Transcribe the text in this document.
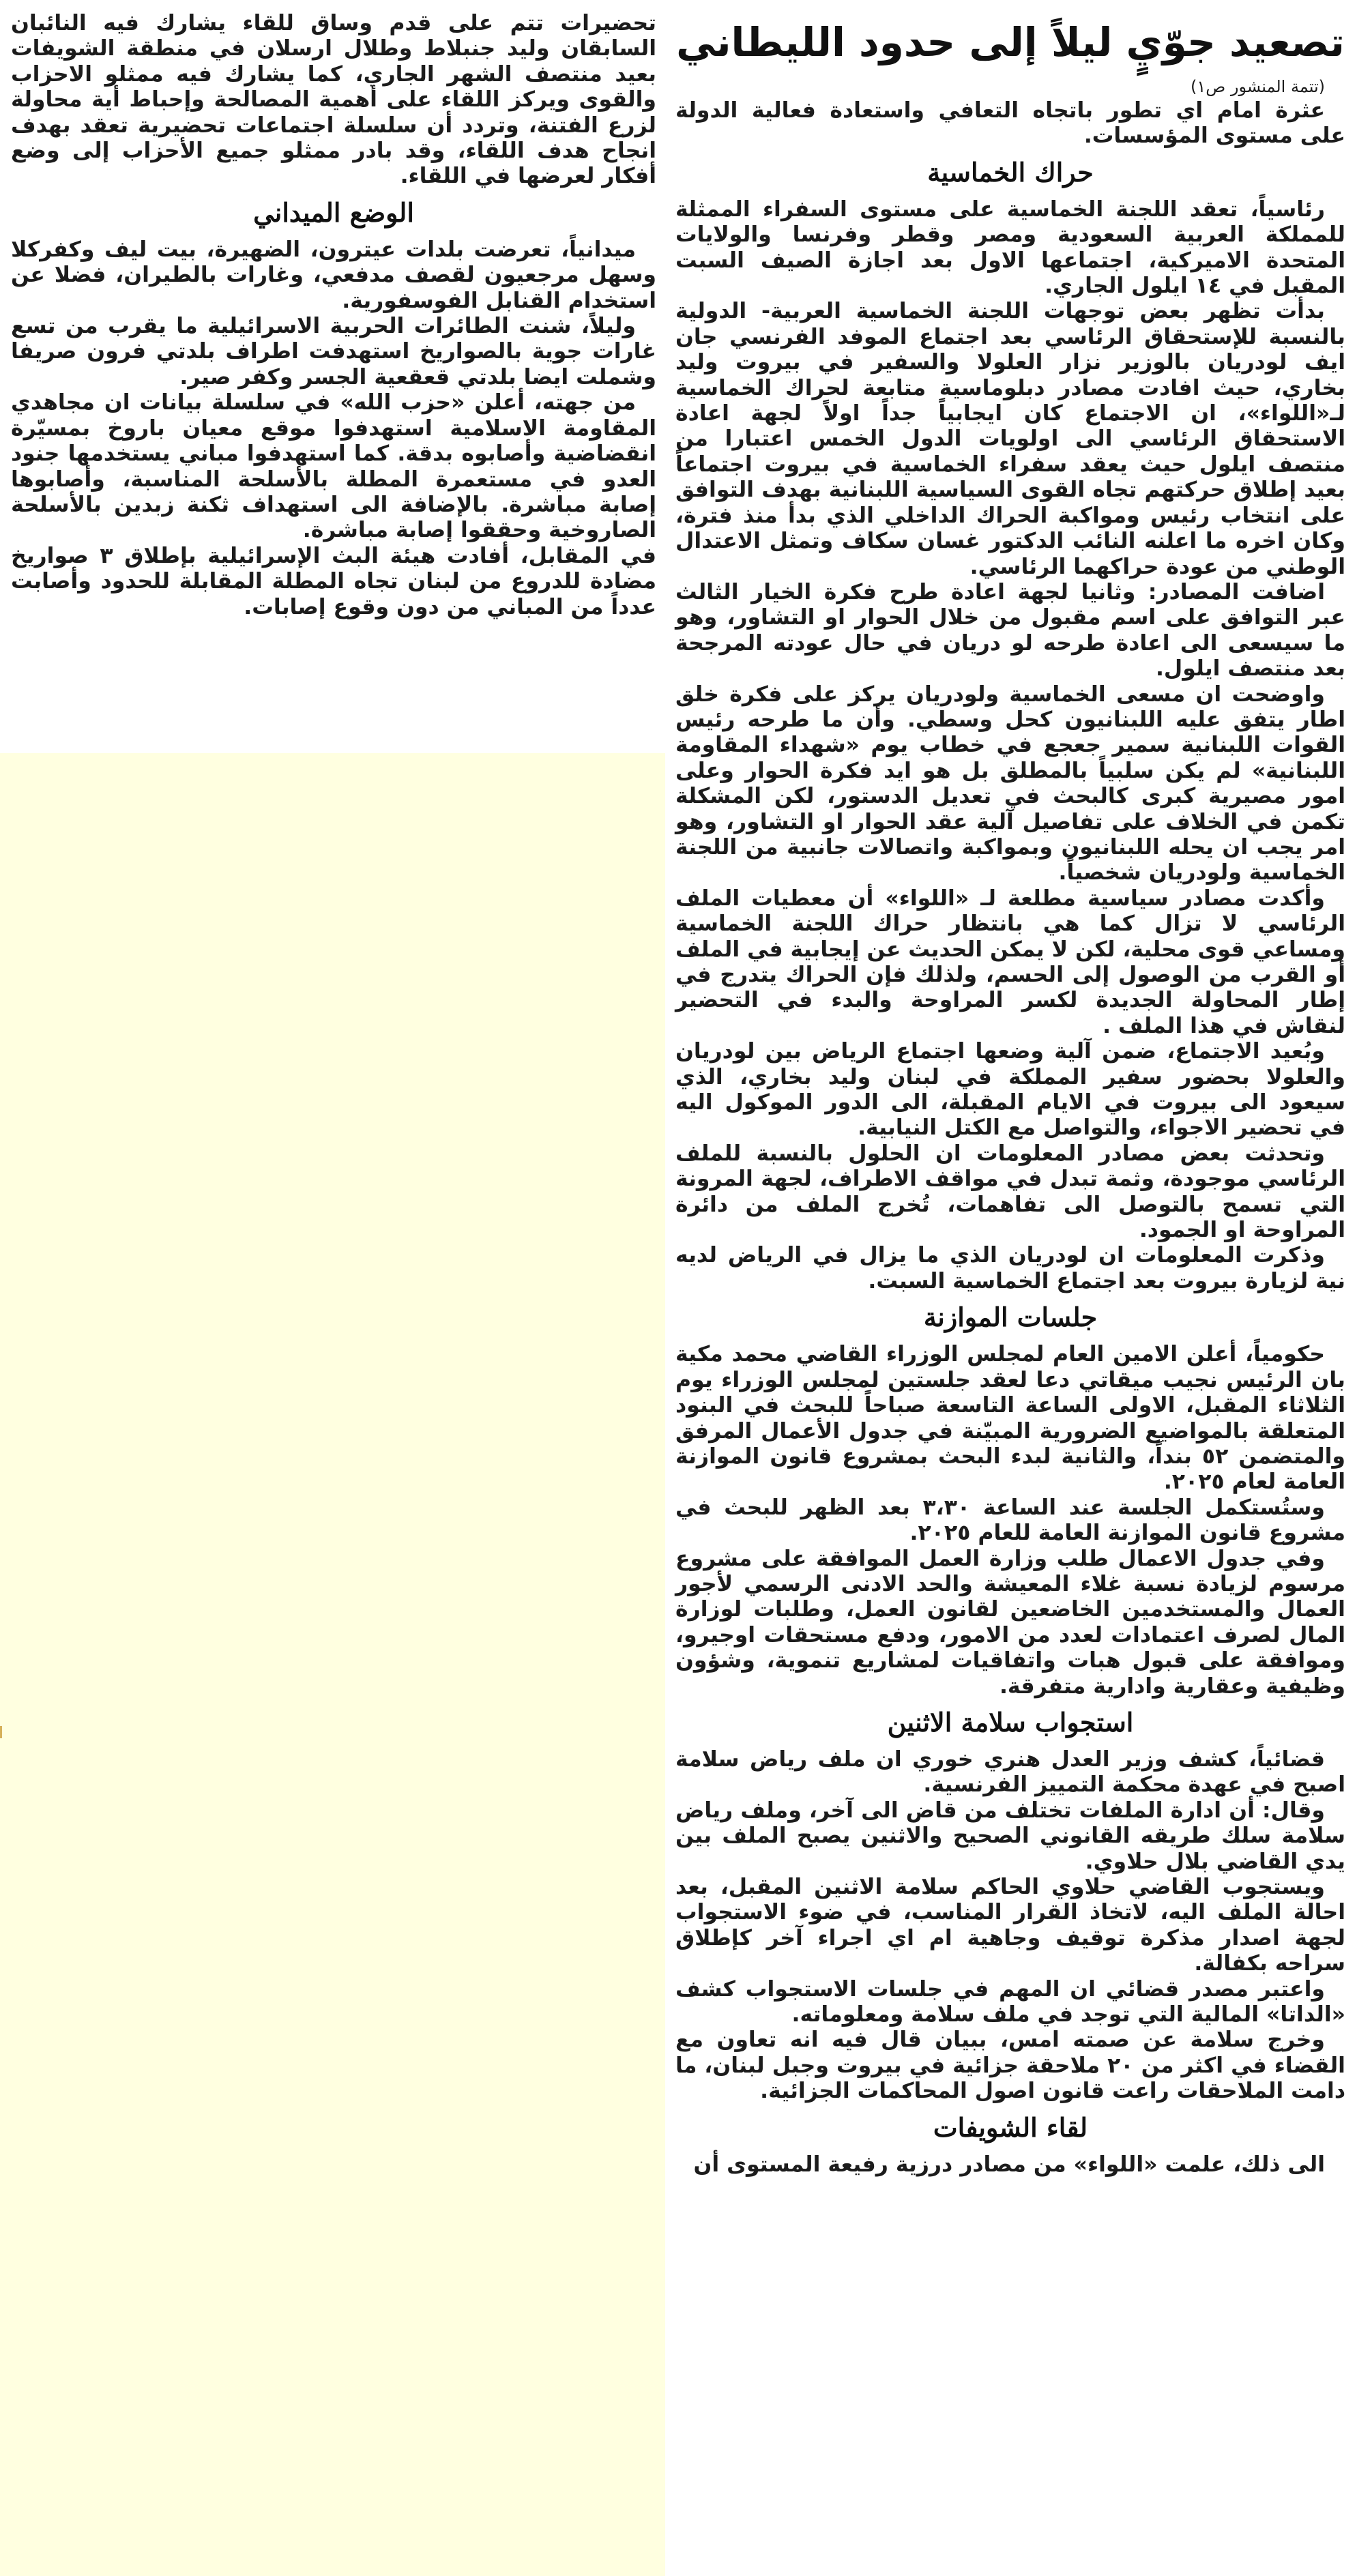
تصعيد جوّيٍ ليلاً إلى حدود الليطاني

(تتمة المنشور ص١)

عثرة امام اي تطور باتجاه التعافي واستعادة فعالية الدولة على مستوى المؤسسات.

حراك الخماسية

رئاسياً، تعقد اللجنة الخماسية على مستوى السفراء الممثلة للمملكة العربية السعودية ومصر وقطر وفرنسا والولايات المتحدة الاميركية، اجتماعها الاول بعد اجازة الصيف السبت المقبل في ١٤ ايلول الجاري.

بدأت تظهر بعض توجهات اللجنة الخماسية العربية- الدولية بالنسبة للإستحقاق الرئاسي بعد اجتماع الموفد الفرنسي جان ايف لودريان بالوزير نزار العلولا والسفير في بيروت وليد بخاري، حيث افادت مصادر دبلوماسية متابعة لحراك الخماسية لـ«اللواء»، ان الاجتماع كان ايجابياً جداً اولاً لجهة اعادة الاستحقاق الرئاسي الى اولويات الدول الخمس اعتبارا من منتصف ايلول حيث يعقد سفراء الخماسية في بيروت اجتماعاً بعيد إطلاق حركتهم تجاه القوى السياسية اللبنانية بهدف التوافق على انتخاب رئيس ومواكبة الحراك الداخلي الذي بدأ منذ فترة، وكان اخره ما اعلنه النائب الدكتور غسان سكاف وتمثل الاعتدال الوطني من عودة حراكهما الرئاسي.

اضافت المصادر: وثانيا لجهة اعادة طرح فكرة الخيار الثالث عبر التوافق على اسم مقبول من خلال الحوار او التشاور، وهو ما سيسعى الى اعادة طرحه لو دريان في حال عودته المرجحة بعد منتصف ايلول.

واوضحت ان مسعى الخماسية ولودريان يركز على فكرة خلق اطار يتفق عليه اللبنانيون كحل وسطي. وأن ما طرحه رئيس القوات اللبنانية سمير جعجع في خطاب يوم «شهداء المقاومة اللبنانية» لم يكن سلبياً بالمطلق بل هو ايد فكرة الحوار وعلى امور مصيرية كبرى كالبحث في تعديل الدستور، لكن المشكلة تكمن في الخلاف على تفاصيل آلية عقد الحوار او التشاور، وهو امر يجب ان يحله اللبنانيون وبمواكبة واتصالات جانبية من اللجنة الخماسية ولودريان شخصياً.

وأكدت مصادر سياسية مطلعة لـ «اللواء» أن معطيات الملف الرئاسي لا تزال كما هي بانتظار حراك اللجنة الخماسية ومساعي قوى محلية، لكن لا يمكن الحديث عن إيجابية في الملف أو القرب من الوصول إلى الحسم، ولذلك فإن الحراك يتدرج في إطار المحاولة الجديدة لكسر المراوحة والبدء في التحضير لنقاش في هذا الملف .

وبُعيد الاجتماع، ضمن آلية وضعها اجتماع الرياض بين لودريان والعلولا بحضور سفير المملكة في لبنان وليد بخاري، الذي سيعود الى بيروت في الايام المقبلة، الى الدور الموكول اليه في تحضير الاجواء، والتواصل مع الكتل النيابية.

وتحدثت بعض مصادر المعلومات ان الحلول بالنسبة للملف الرئاسي موجودة، وثمة تبدل في مواقف الاطراف، لجهة المرونة التي تسمح بالتوصل الى تفاهمات، تُخرج الملف من دائرة المراوحة او الجمود.

وذكرت المعلومات ان لودريان الذي ما يزال في الرياض لديه نية لزيارة بيروت بعد اجتماع الخماسية السبت.

جلسات الموازنة

حكومياً، أعلن الامين العام لمجلس الوزراء القاضي محمد مكية بان الرئيس نجيب ميقاتي دعا لعقد جلستين لمجلس الوزراء يوم الثلاثاء المقبل، الاولى الساعة التاسعة صباحاً للبحث في البنود المتعلقة بالمواضيع الضرورية المبيّنة في جدول الأعمال المرفق والمتضمن ٥٢ بنداً، والثانية لبدء البحث بمشروع قانون الموازنة العامة لعام ٢٠٢٥.

وستُستكمل الجلسة عند الساعة ٣،٣٠ بعد الظهر للبحث في مشروع قانون الموازنة العامة للعام ٢٠٢٥.

وفي جدول الاعمال طلب وزارة العمل الموافقة على مشروع مرسوم لزيادة نسبة غلاء المعيشة والحد الادنى الرسمي لأجور العمال والمستخدمين الخاضعين لقانون العمل، وطلبات لوزارة المال لصرف اعتمادات لعدد من الامور، ودفع مستحقات اوجيرو، وموافقة على قبول هبات واتفاقيات لمشاريع تنموية، وشؤون وظيفية وعقارية وادارية متفرقة.

استجواب سلامة الاثنين

قضائياً، كشف وزير العدل هنري خوري ان ملف رياض سلامة اصبح في عهدة محكمة التمييز الفرنسية.

وقال: أن ادارة الملفات تختلف من قاض الى آخر، وملف رياض سلامة سلك طريقه القانوني الصحيح والاثنين يصبح الملف بين يدي القاضي بلال حلاوي.

ويستجوب القاضي حلاوي الحاكم سلامة الاثنين المقبل، بعد احالة الملف اليه، لاتخاذ القرار المناسب، في ضوء الاستجواب لجهة اصدار مذكرة توقيف وجاهية ام اي اجراء آخر كإطلاق سراحه بكفالة.

واعتبر مصدر قضائي ان المهم في جلسات الاستجواب كشف «الداتا» المالية التي توجد في ملف سلامة ومعلوماته.

وخرج سلامة عن صمته امس، ببيان قال فيه انه تعاون مع القضاء في اكثر من ٢٠ ملاحقة جزائية في بيروت وجبل لبنان، ما دامت الملاحقات راعت قانون اصول المحاكمات الجزائية.

لقاء الشويفات

الى ذلك، علمت «اللواء» من مصادر درزية رفيعة المستوى أن

تحضيرات تتم على قدم وساق للقاء يشارك فيه النائبان السابقان وليد جنبلاط وطلال ارسلان في منطقة الشويفات بعيد منتصف الشهر الجاري، كما يشارك فيه ممثلو الاحزاب والقوى ويركز اللقاء على أهمية المصالحة وإحباط أية محاولة لزرع الفتنة، وتردد أن سلسلة اجتماعات تحضيرية تعقد بهدف انجاح هدف اللقاء، وقد بادر ممثلو جميع الأحزاب إلى وضع أفكار لعرضها في اللقاء.

الوضع الميداني

ميدانياً، تعرضت بلدات عيترون، الضهيرة، بيت ليف وكفركلا وسهل مرجعيون لقصف مدفعي، وغارات بالطيران، فضلا عن استخدام القنابل الفوسفورية.

وليلاً، شنت الطائرات الحربية الاسرائيلية ما يقرب من تسع غارات جوية بالصواريخ استهدفت اطراف بلدتي فرون صريفا وشملت ايضا بلدتي قعقعية الجسر وكفر صير.

من جهته، أعلن «حزب الله» في سلسلة بيانات ان مجاهدي المقاومة الاسلامية استهدفوا موقع معيان باروخ بمسيّرة انقضاضية وأصابوه بدقة. كما استهدفوا مباني يستخدمها جنود العدو في مستعمرة المطلة بالأسلحة المناسبة، وأصابوها إصابة مباشرة. بالإضافة الى استهداف ثكنة زبدين بالأسلحة الصاروخية وحققوا إصابة مباشرة.

في المقابل، أفادت هيئة البث الإسرائيلية بإطلاق ٣ صواريخ مضادة للدروع من لبنان تجاه المطلة المقابلة للحدود وأصابت عدداً من المباني من دون وقوع إصابات.
